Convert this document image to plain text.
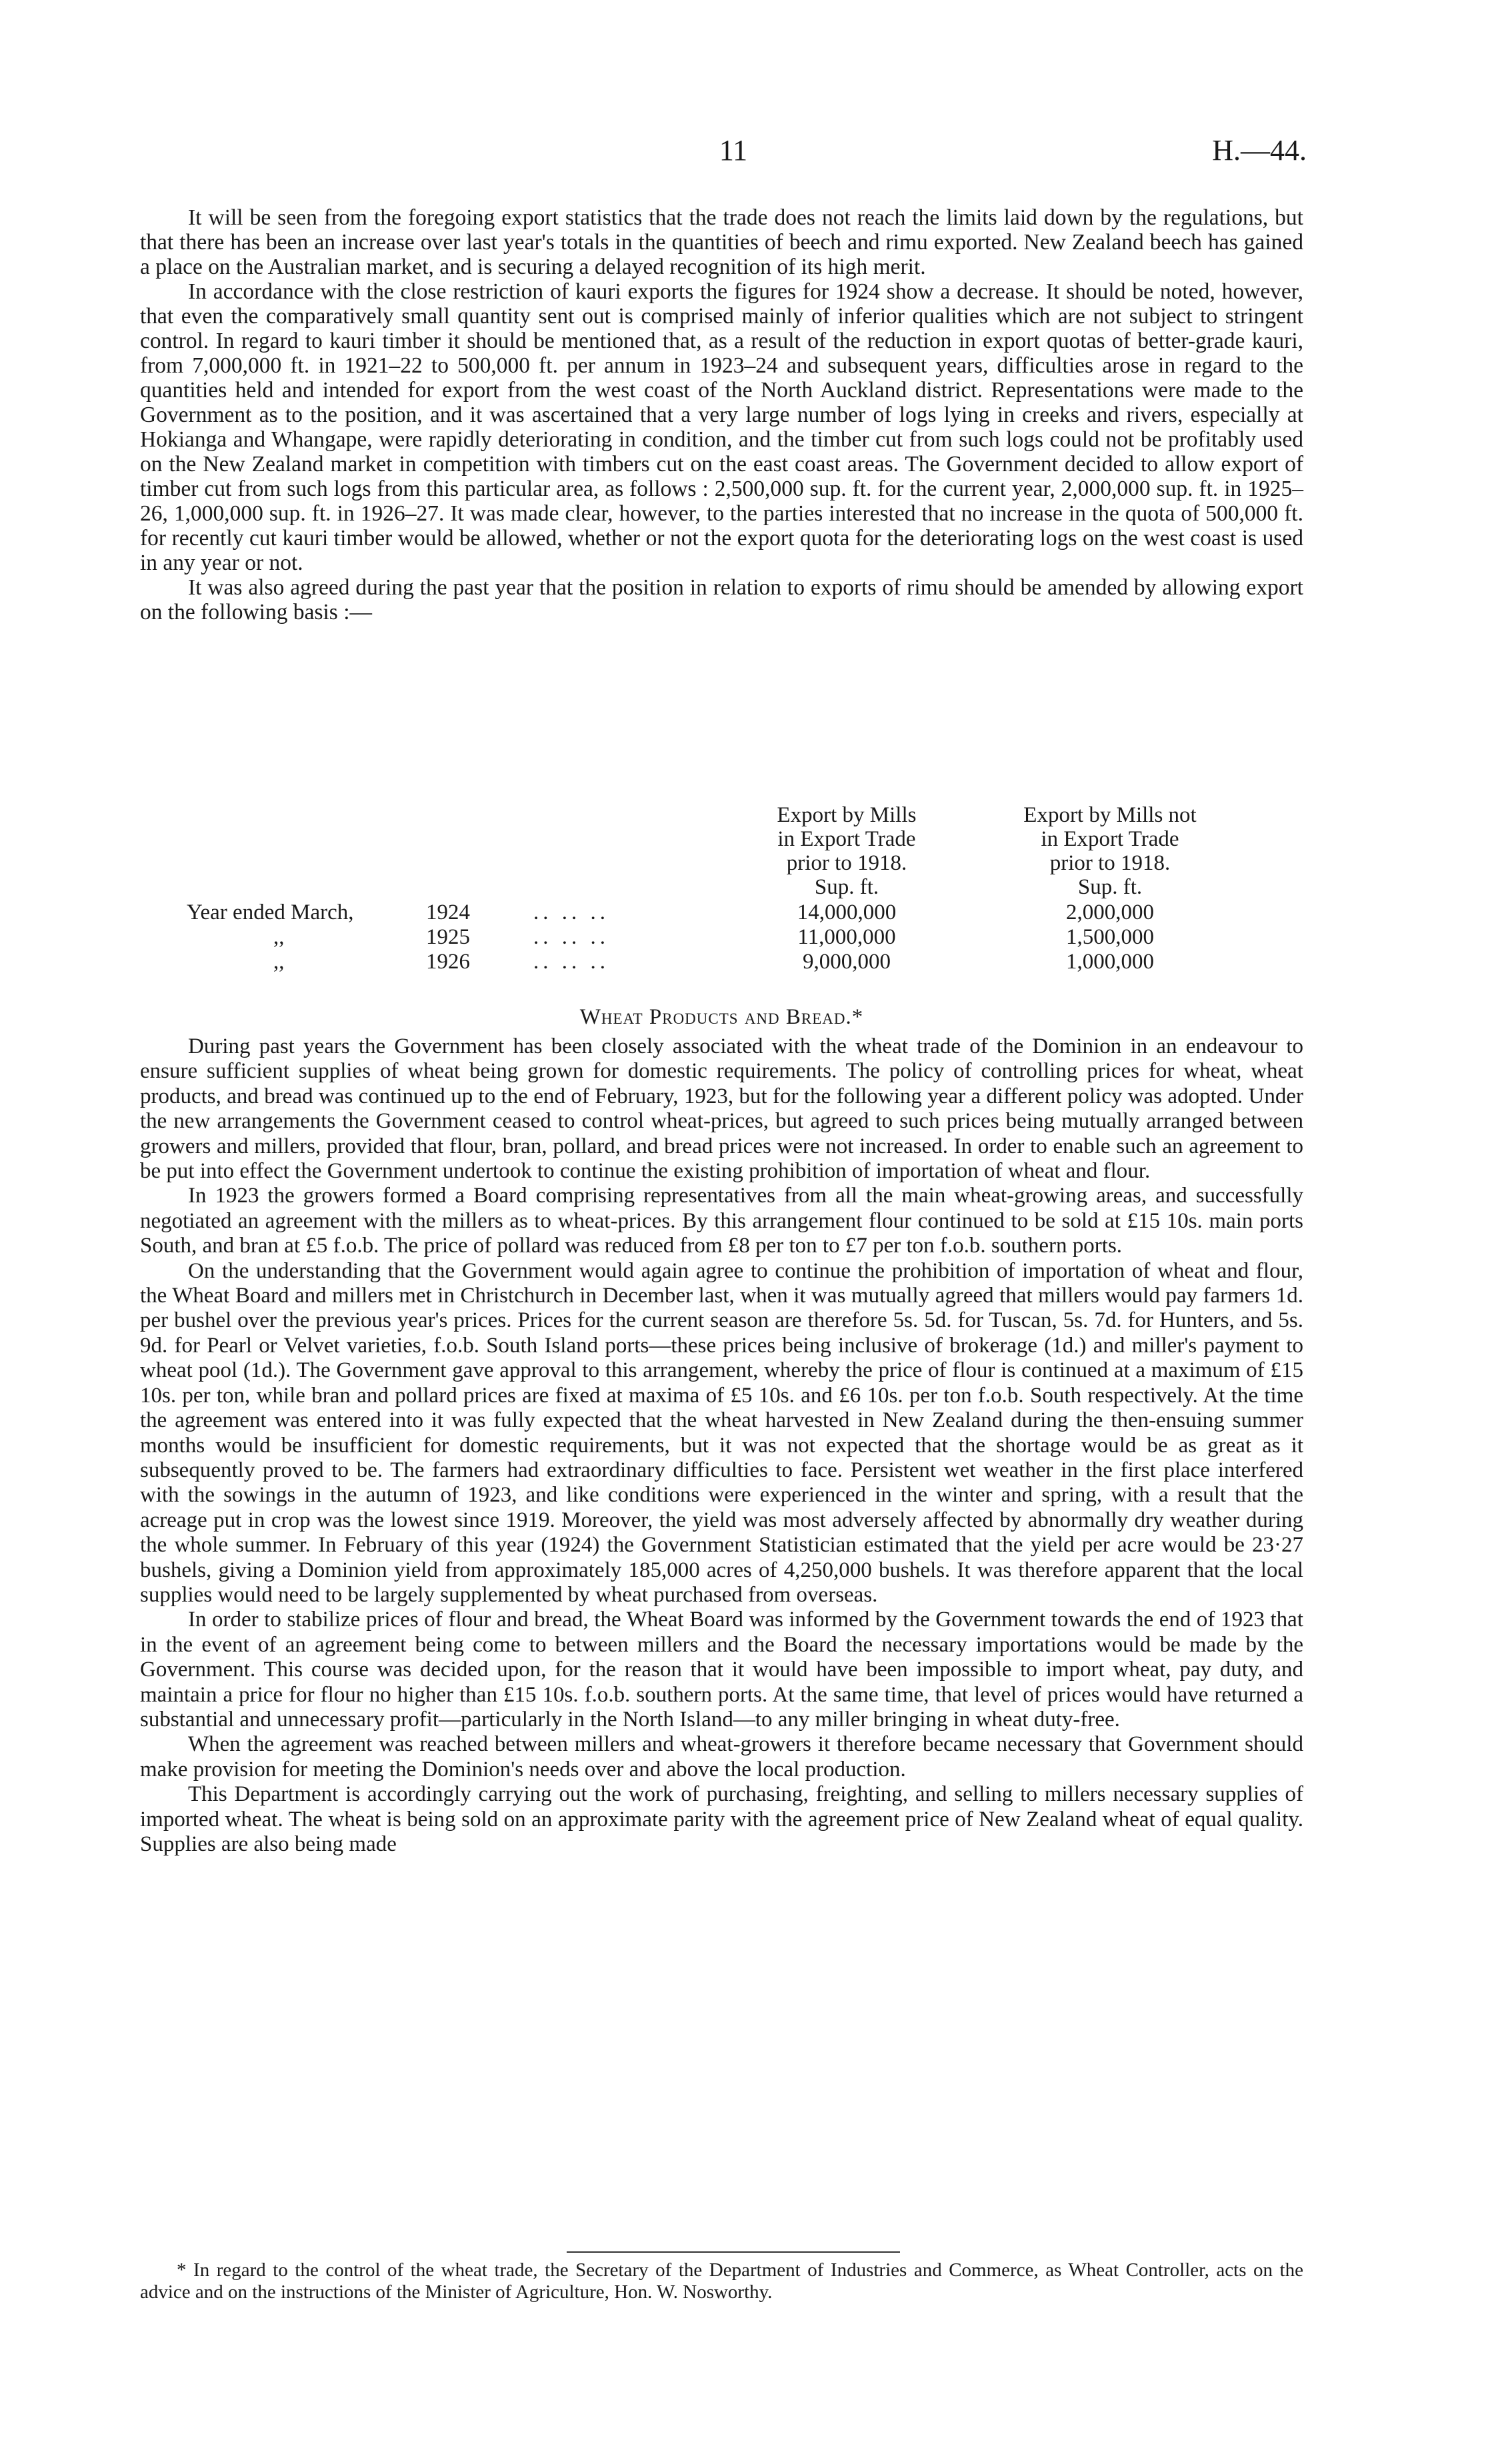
11	H.—44.

It will be seen from the foregoing export statistics that the trade does not reach the limits laid down by the regulations, but that there has been an increase over last year's totals in the quantities of beech and rimu exported. New Zealand beech has gained a place on the Australian market, and is securing a delayed recognition of its high merit.

In accordance with the close restriction of kauri exports the figures for 1924 show a decrease. It should be noted, however, that even the comparatively small quantity sent out is comprised mainly of inferior qualities which are not subject to stringent control. In regard to kauri timber it should be mentioned that, as a result of the reduction in export quotas of better-grade kauri, from 7,000,000 ft. in 1921–22 to 500,000 ft. per annum in 1923–24 and subsequent years, difficulties arose in regard to the quantities held and intended for export from the west coast of the North Auckland district. Representations were made to the Government as to the position, and it was ascertained that a very large number of logs lying in creeks and rivers, especially at Hokianga and Whangape, were rapidly deteriorating in condition, and the timber cut from such logs could not be profitably used on the New Zealand market in competition with timbers cut on the east coast areas. The Government decided to allow export of timber cut from such logs from this particular area, as follows : 2,500,000 sup. ft. for the current year, 2,000,000 sup. ft. in 1925–26, 1,000,000 sup. ft. in 1926–27. It was made clear, however, to the parties interested that no increase in the quota of 500,000 ft. for recently cut kauri timber would be allowed, whether or not the export quota for the deteriorating logs on the west coast is used in any year or not.

It was also agreed during the past year that the position in relation to exports of rimu should be amended by allowing export on the following basis :—

Export by Mills
in Export Trade
prior to 1918.
Sup. ft.
Export by Mills not
in Export Trade
prior to 1918.
Sup. ft.
Year ended March,	1924	.. .. ..	14,000,000	2,000,000
,,	1925	.. .. ..	11,000,000	1,500,000
,,	1926	.. .. ..	9,000,000	1,000,000
Wheat Products and Bread.*

During past years the Government has been closely associated with the wheat trade of the Dominion in an endeavour to ensure sufficient supplies of wheat being grown for domestic requirements. The policy of controlling prices for wheat, wheat products, and bread was continued up to the end of February, 1923, but for the following year a different policy was adopted. Under the new arrangements the Government ceased to control wheat-prices, but agreed to such prices being mutually arranged between growers and millers, provided that flour, bran, pollard, and bread prices were not increased. In order to enable such an agreement to be put into effect the Government undertook to continue the existing prohibition of importation of wheat and flour.

In 1923 the growers formed a Board comprising representatives from all the main wheat-growing areas, and successfully negotiated an agreement with the millers as to wheat-prices. By this arrangement flour continued to be sold at £15 10s. main ports South, and bran at £5 f.o.b. The price of pollard was reduced from £8 per ton to £7 per ton f.o.b. southern ports.

On the understanding that the Government would again agree to continue the prohibition of importation of wheat and flour, the Wheat Board and millers met in Christchurch in December last, when it was mutually agreed that millers would pay farmers 1d. per bushel over the previous year's prices. Prices for the current season are therefore 5s. 5d. for Tuscan, 5s. 7d. for Hunters, and 5s. 9d. for Pearl or Velvet varieties, f.o.b. South Island ports—these prices being inclusive of brokerage (1d.) and miller's payment to wheat pool (1d.). The Government gave approval to this arrangement, whereby the price of flour is continued at a maximum of £15 10s. per ton, while bran and pollard prices are fixed at maxima of £5 10s. and £6 10s. per ton f.o.b. South respectively. At the time the agreement was entered into it was fully expected that the wheat harvested in New Zealand during the then-ensuing summer months would be insufficient for domestic requirements, but it was not expected that the shortage would be as great as it subsequently proved to be. The farmers had extraordinary difficulties to face. Persistent wet weather in the first place interfered with the sowings in the autumn of 1923, and like conditions were experienced in the winter and spring, with a result that the acreage put in crop was the lowest since 1919. Moreover, the yield was most adversely affected by abnormally dry weather during the whole summer. In February of this year (1924) the Government Statistician estimated that the yield per acre would be 23·27 bushels, giving a Dominion yield from approximately 185,000 acres of 4,250,000 bushels. It was therefore apparent that the local supplies would need to be largely supplemented by wheat purchased from overseas.

In order to stabilize prices of flour and bread, the Wheat Board was informed by the Government towards the end of 1923 that in the event of an agreement being come to between millers and the Board the necessary importations would be made by the Government. This course was decided upon, for the reason that it would have been impossible to import wheat, pay duty, and maintain a price for flour no higher than £15 10s. f.o.b. southern ports. At the same time, that level of prices would have returned a substantial and unnecessary profit—particularly in the North Island—to any miller bringing in wheat duty-free.

When the agreement was reached between millers and wheat-growers it therefore became necessary that Government should make provision for meeting the Dominion's needs over and above the local production.

This Department is accordingly carrying out the work of purchasing, freighting, and selling to millers necessary supplies of imported wheat. The wheat is being sold on an approximate parity with the agreement price of New Zealand wheat of equal quality. Supplies are also being made

* In regard to the control of the wheat trade, the Secretary of the Department of Industries and Commerce, as Wheat Controller, acts on the advice and on the instructions of the Minister of Agriculture, Hon. W. Nosworthy.
